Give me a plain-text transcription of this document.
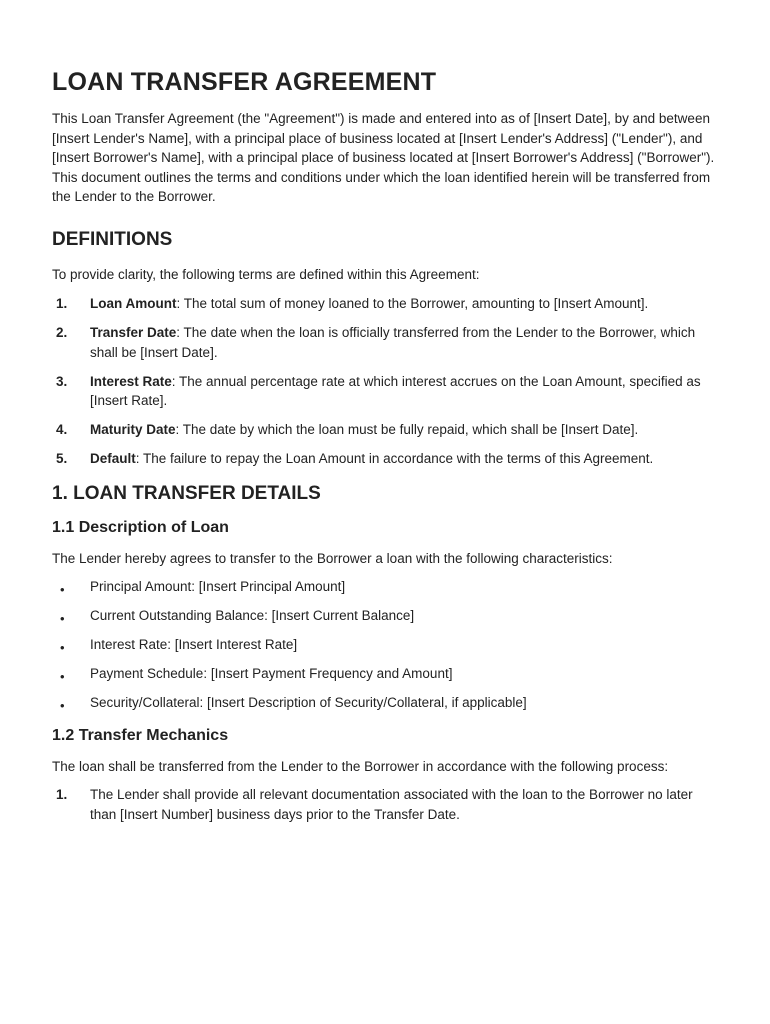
LOAN TRANSFER AGREEMENT

This Loan Transfer Agreement (the "Agreement") is made and entered into as of [Insert Date], by and between [Insert Lender's Name], with a principal place of business located at [Insert Lender's Address] ("Lender"), and [Insert Borrower's Name], with a principal place of business located at [Insert Borrower's Address] ("Borrower"). This document outlines the terms and conditions under which the loan identified herein will be transferred from the Lender to the Borrower.

DEFINITIONS

To provide clarity, the following terms are defined within this Agreement:

1. Loan Amount: The total sum of money loaned to the Borrower, amounting to [Insert Amount].
2. Transfer Date: The date when the loan is officially transferred from the Lender to the Borrower, which shall be [Insert Date].
3. Interest Rate: The annual percentage rate at which interest accrues on the Loan Amount, specified as [Insert Rate].
4. Maturity Date: The date by which the loan must be fully repaid, which shall be [Insert Date].
5. Default: The failure to repay the Loan Amount in accordance with the terms of this Agreement.
1. LOAN TRANSFER DETAILS
1.1 Description of Loan

The Lender hereby agrees to transfer to the Borrower a loan with the following characteristics:

• Principal Amount: [Insert Principal Amount]
• Current Outstanding Balance: [Insert Current Balance]
• Interest Rate: [Insert Interest Rate]
• Payment Schedule: [Insert Payment Frequency and Amount]
• Security/Collateral: [Insert Description of Security/Collateral, if applicable]
1.2 Transfer Mechanics

The loan shall be transferred from the Lender to the Borrower in accordance with the following process:

1. The Lender shall provide all relevant documentation associated with the loan to the Borrower no later than [Insert Number] business days prior to the Transfer Date.
